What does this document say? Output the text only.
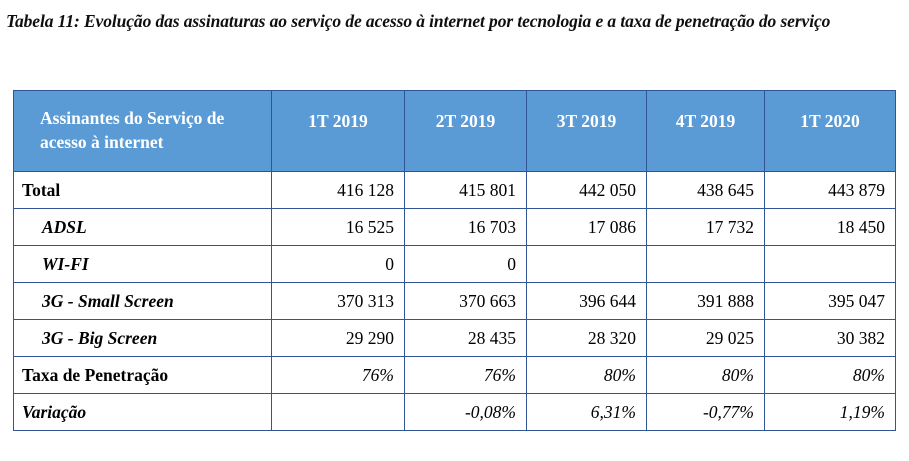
Tabela 11: Evolução das assinaturas ao serviço de acesso à internet por tecnologia e a taxa de penetração do serviço
Assinantes do Serviço de
acesso à internet	1T 2019	2T 2019	3T 2019	4T 2019	1T 2020
Total	416 128	415 801	442 050	438 645	443 879
ADSL	16 525	16 703	17 086	17 732	18 450
WI-FI	0	0			
3G - Small Screen	370 313	370 663	396 644	391 888	395 047
3G - Big Screen	29 290	28 435	28 320	29 025	30 382
Taxa de Penetração	76%	76%	80%	80%	80%
Variação		-0,08%	6,31%	-0,77%	1,19%
